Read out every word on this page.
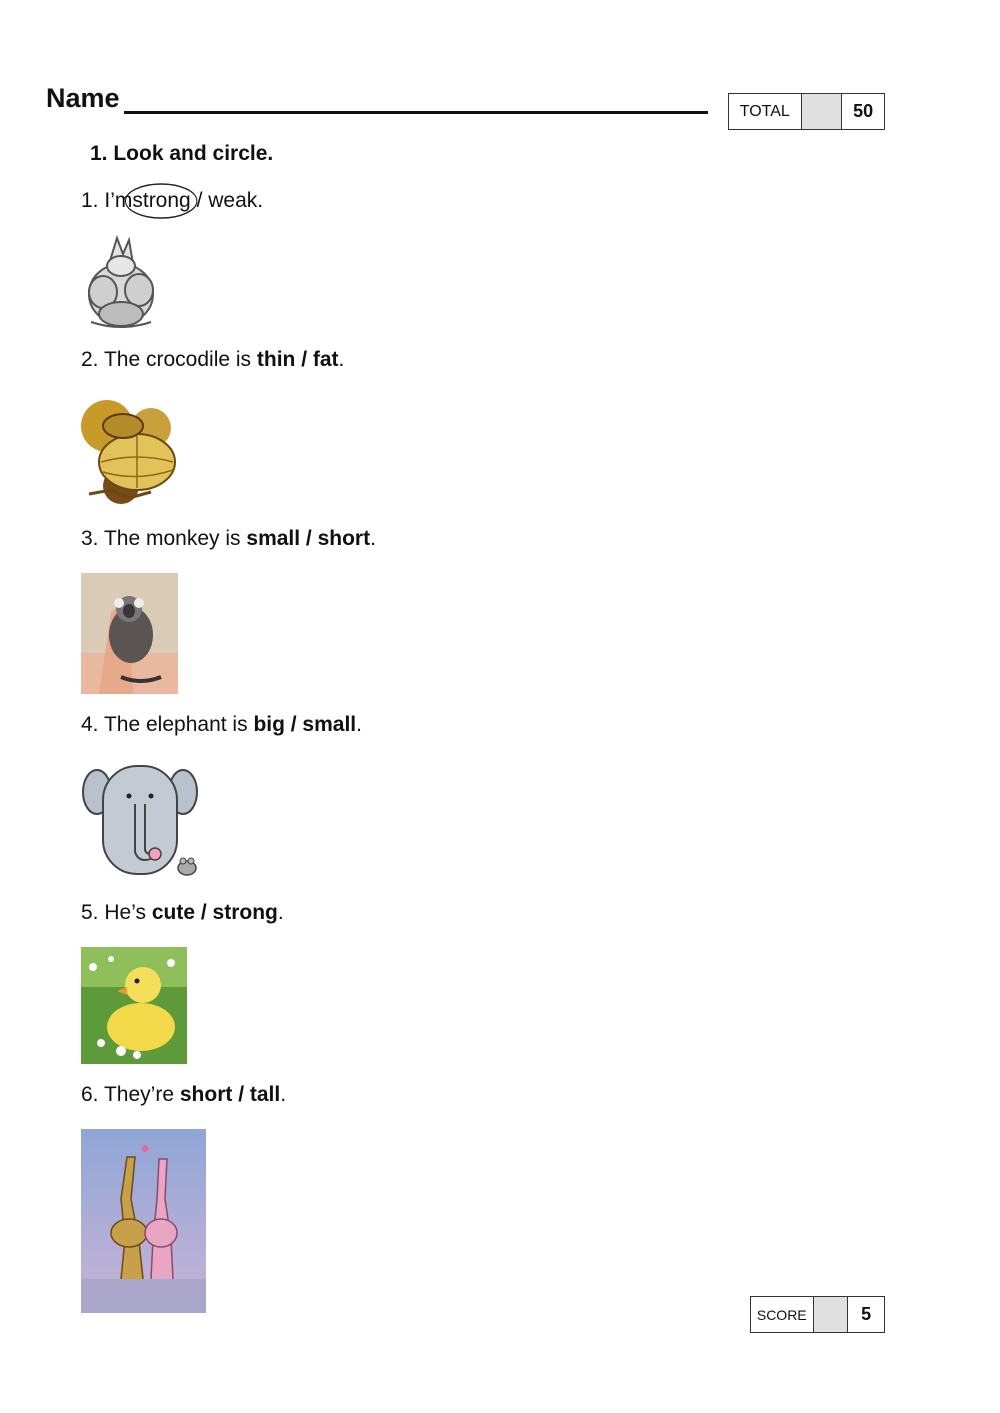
Name	TOTAL	50
1. Look and circle.
1. I’mstrong / weak.
2. The crocodile is thin / fat.
3. The monkey is small / short.
4. The elephant is big / small.
5. He’s cute / strong.
6. They’re short / tall.
SCORE	5
